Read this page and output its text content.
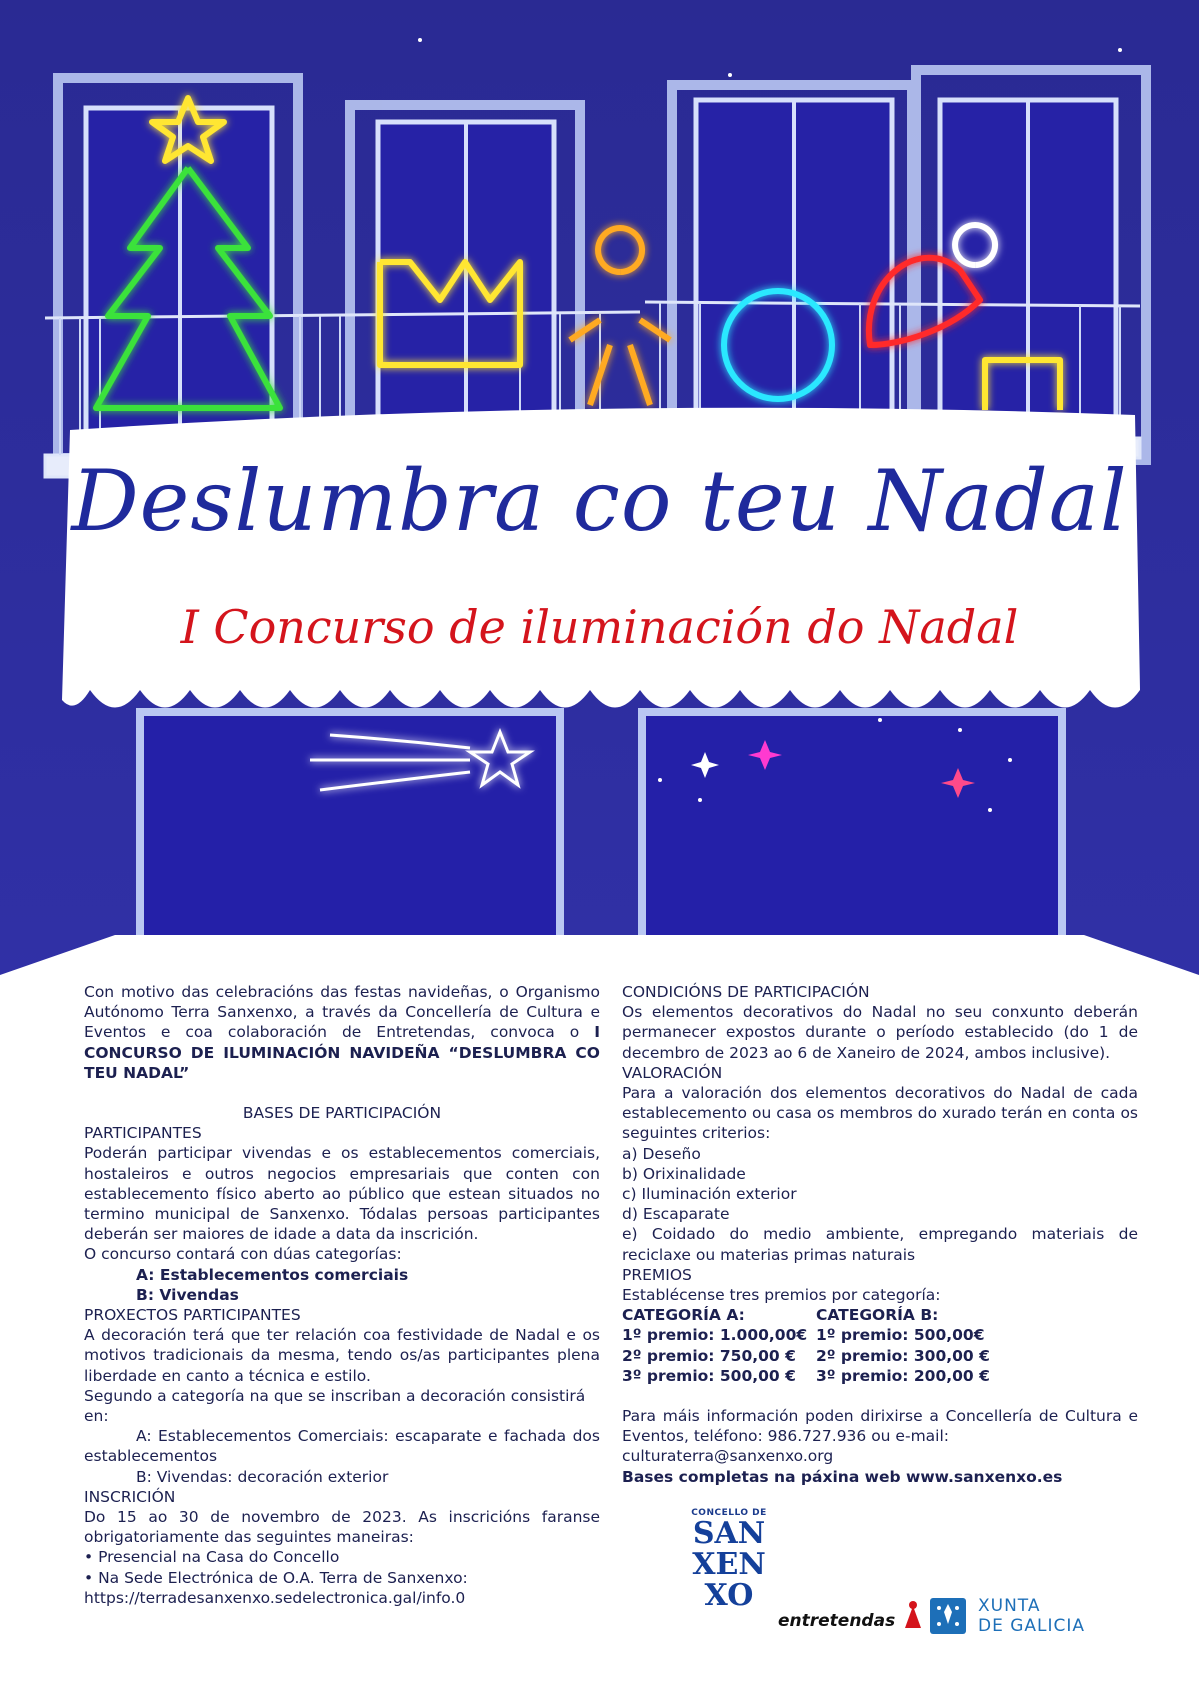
Deslumbra co teu Nadal
I Concurso de iluminación do Nadal

Con motivo das celebracións das festas navideñas, o Organismo Autónomo Terra Sanxenxo, a través da Concellería de Cultura e Eventos e coa colaboración de Entretendas, convoca o I CONCURSO DE ILUMINACIÓN NAVIDEÑA “DESLUMBRA CO TEU NADAL”

BASES DE PARTICIPACIÓN

PARTICIPANTES

Poderán participar vivendas e os establecementos comerciais, hostaleiros e outros negocios empresariais que conten con establecemento físico aberto ao público que estean situados no termino municipal de Sanxenxo. Tódalas persoas participantes deberán ser maiores de idade a data da inscrición.

O concurso contará con dúas categorías:

A: Establecementos comerciais

B: Vivendas

PROXECTOS PARTICIPANTES

A decoración terá que ter relación coa festividade de Nadal e os motivos tradicionais da mesma, tendo os/as participantes plena liberdade en canto a técnica e estilo.

Segundo a categoría na que se inscriban a decoración consistirá en:

A: Establecementos Comerciais: escaparate e fachada dos establecementos

B: Vivendas: decoración exterior

INSCRICIÓN

Do 15 ao 30 de novembro de 2023. As inscricións faranse obrigatoriamente das seguintes maneiras:

• Presencial na Casa do Concello

• Na Sede Electrónica de O.A. Terra de Sanxenxo:

https://terradesanxenxo.sedelectronica.gal/info.0

CONDICIÓNS DE PARTICIPACIÓN

Os elementos decorativos do Nadal no seu conxunto deberán permanecer expostos durante o período establecido (do 1 de decembro de 2023 ao 6 de Xaneiro de 2024, ambos inclusive).

VALORACIÓN

Para a valoración dos elementos decorativos do Nadal de cada establecemento ou casa os membros do xurado terán en conta os seguintes criterios:

a) Deseño

b) Orixinalidade

c) Iluminación exterior

d) Escaparate

e) Coidado do medio ambiente, empregando materiais de reciclaxe ou materias primas naturais

PREMIOS

Establécense tres premios por categoría:

CATEGORÍA A:

1º premio: 1.000,00€

2º premio: 750,00 €

3º premio: 500,00 €

CATEGORÍA B:

1º premio: 500,00€

2º premio: 300,00 €

3º premio: 200,00 €

Para máis información poden dirixirse a Concellería de Cultura e Eventos, teléfono: 986.727.936 ou e-mail:

culturaterra@sanxenxo.org

Bases completas na páxina web www.sanxenxo.es

CONCELLO DE
SAN
XEN
XO
entretendas
XUNTA
DE GALICIA
